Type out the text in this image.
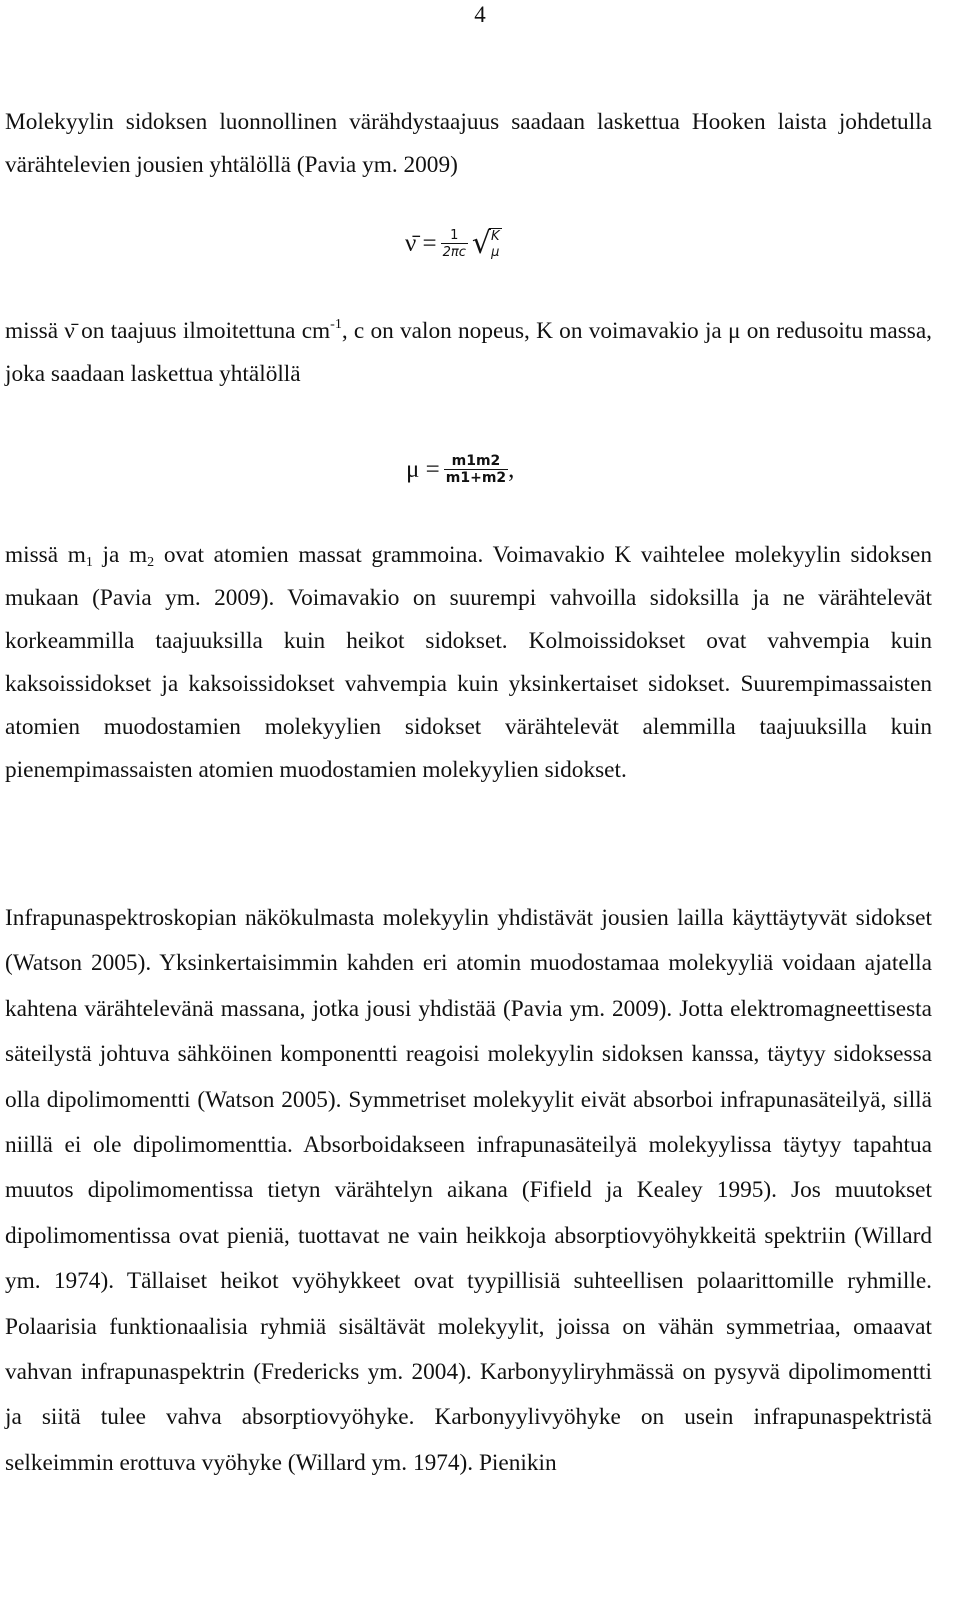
4

Molekyylin sidoksen luonnollinen värähdystaajuus saadaan laskettua Hooken laista johdetulla värähtelevien jousien yhtälöllä (Pavia ym. 2009)

ν̄ = $\frac{1}{2\pi c}$ √ K
μ

missä ν̄ on taajuus ilmoitettuna $cm^{-1}$, c on valon nopeus, K on voimavakio ja μ on redusoitu massa, joka saadaan laskettua yhtälöllä

$\mu = \frac{m1m2}{m1+m2}$ ,

missä $m_1$ ja $m_2$ ovat atomien massat grammoina. Voimavakio K vaihtelee molekyylin sidoksen mukaan (Pavia ym. 2009). Voimavakio on suurempi vahvoilla sidoksilla ja ne värähtelevät korkeammilla taajuuksilla kuin heikot sidokset. Kolmoissidokset ovat vahvempia kuin kaksoissidokset ja kaksoissidokset vahvempia kuin yksinkertaiset sidokset. Suurempimassaisten atomien muodostamien molekyylien sidokset värähtelevät alemmilla taajuuksilla kuin pienempimassaisten atomien muodostamien molekyylien sidokset.

Infrapunaspektroskopian näkökulmasta molekyylin yhdistävät jousien lailla käyttäytyvät sidokset (Watson 2005). Yksinkertaisimmin kahden eri atomin muodostamaa molekyyliä voidaan ajatella kahtena värähtelevänä massana, jotka jousi yhdistää (Pavia ym. 2009). Jotta elektromagneettisesta säteilystä johtuva sähköinen komponentti reagoisi molekyylin sidoksen kanssa, täytyy sidoksessa olla dipolimomentti (Watson 2005). Symmetriset molekyylit eivät absorboi infrapunasäteilyä, sillä niillä ei ole dipolimomenttia. Absorboidakseen infrapunasäteilyä molekyylissa täytyy tapahtua muutos dipolimomentissa tietyn värähtelyn aikana (Fifield ja Kealey 1995). Jos muutokset dipolimomentissa ovat pieniä, tuottavat ne vain heikkoja absorptiovyöhykkeitä spektriin (Willard ym. 1974). Tällaiset heikot vyöhykkeet ovat tyypillisiä suhteellisen polaarittomille ryhmille. Polaarisia funktionaalisia ryhmiä sisältävät molekyylit, joissa on vähän symmetriaa, omaavat vahvan infrapunaspektrin (Fredericks ym. 2004). Karbonyyliryhmässä on pysyvä dipolimomentti ja siitä tulee vahva absorptiovyöhyke. Karbonyylivyöhyke on usein infrapunaspektristä selkeimmin erottuva vyöhyke (Willard ym. 1974). Pienikin
